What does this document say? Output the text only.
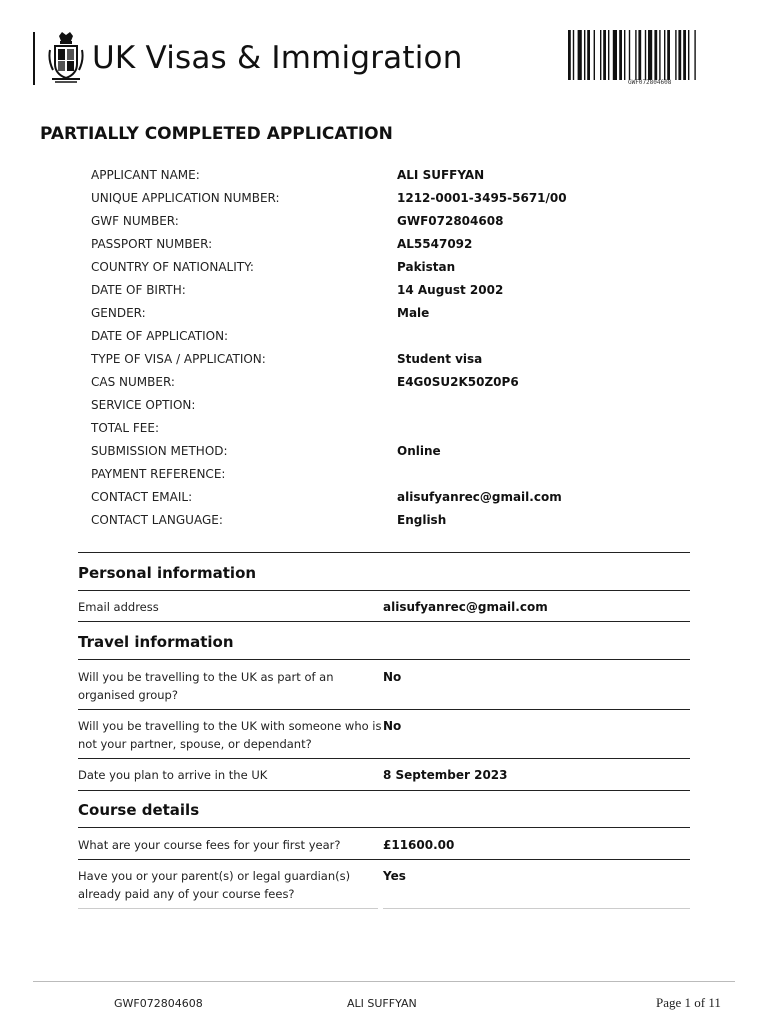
UK Visas & Immigration
GWF072804608
PARTIALLY COMPLETED APPLICATION
APPLICANT NAME:	ALI SUFFYAN
UNIQUE APPLICATION NUMBER:	1212-0001-3495-5671/00
GWF NUMBER:	GWF072804608
PASSPORT NUMBER:	AL5547092
COUNTRY OF NATIONALITY:	Pakistan
DATE OF BIRTH:	14 August 2002
GENDER:	Male
DATE OF APPLICATION:
TYPE OF VISA / APPLICATION:	Student visa
CAS NUMBER:	E4G0SU2K50Z0P6
SERVICE OPTION:
TOTAL FEE:
SUBMISSION METHOD:	Online
PAYMENT REFERENCE:
CONTACT EMAIL:	alisufyanrec@gmail.com
CONTACT LANGUAGE:	English
Personal information
Email address	alisufyanrec@gmail.com
Travel information
Will you be travelling to the UK as part of an organised group?
No
Will you be travelling to the UK with someone who is not your partner, spouse, or dependant?
No
Date you plan to arrive in the UK	8 September 2023
Course details
What are your course fees for your first year?	£11600.00
Have you or your parent(s) or legal guardian(s) already paid any of your course fees?
Yes
GWF072804608	ALI SUFFYAN	Page 1 of 11
